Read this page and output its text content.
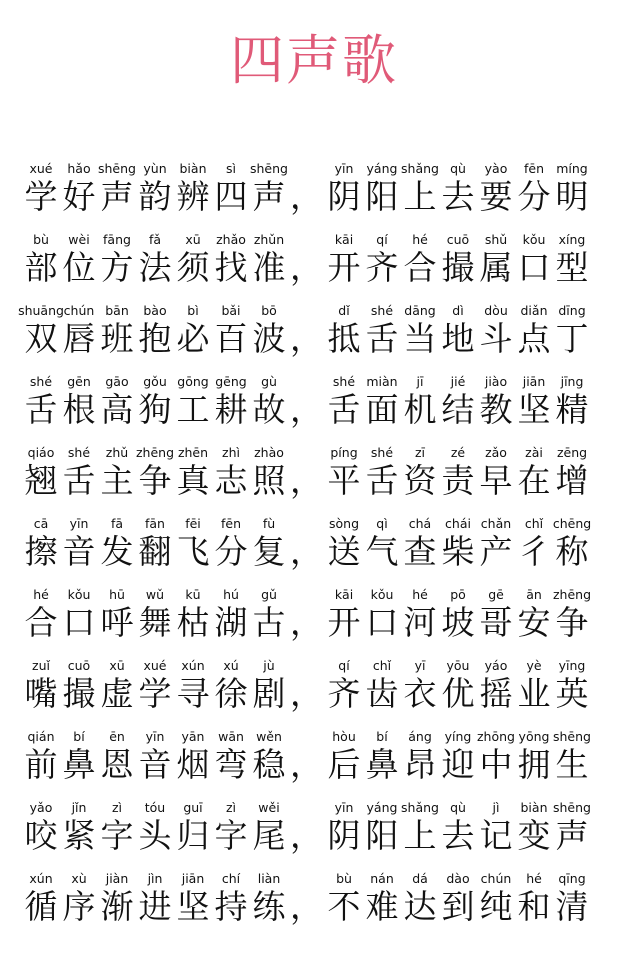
四声歌
xué
学
hǎo
好
shēng
声
yùn
韵
biàn
辨
sì
四
shēng
声
yīn
阴
yáng
阳
shǎng
上
qù
去
yào
要
fēn
分
míng
明
，
bù
部
wèi
位
fāng
方
fǎ
法
xū
须
zhǎo
找
zhǔn
准
kāi
开
qí
齐
hé
合
cuō
撮
shǔ
属
kǒu
口
xíng
型
，
shuāng
双
chún
唇
bān
班
bào
抱
bì
必
bǎi
百
bō
波
dǐ
抵
shé
舌
dāng
当
dì
地
dòu
斗
diǎn
点
dīng
丁
，
shé
舌
gēn
根
gāo
高
gǒu
狗
gōng
工
gēng
耕
gù
故
shé
舌
miàn
面
jī
机
jié
结
jiào
教
jiān
坚
jīng
精
，
qiáo
翘
shé
舌
zhǔ
主
zhēng
争
zhēn
真
zhì
志
zhào
照
píng
平
shé
舌
zī
资
zé
责
zǎo
早
zài
在
zēng
增
，
cā
擦
yīn
音
fā
发
fān
翻
fēi
飞
fēn
分
fù
复
sòng
送
qì
气
chá
查
chái
柴
chǎn
产
chǐ
彳
chēng
称
，
hé
合
kǒu
口
hū
呼
wǔ
舞
kū
枯
hú
湖
gǔ
古
kāi
开
kǒu
口
hé
河
pō
坡
gē
哥
ān
安
zhēng
争
，
zuǐ
嘴
cuō
撮
xū
虚
xué
学
xún
寻
xú
徐
jù
剧
qí
齐
chǐ
齿
yī
衣
yōu
优
yáo
摇
yè
业
yīng
英
，
qián
前
bí
鼻
ēn
恩
yīn
音
yān
烟
wān
弯
wěn
稳
hòu
后
bí
鼻
áng
昂
yíng
迎
zhōng
中
yōng
拥
shēng
生
，
yǎo
咬
jǐn
紧
zì
字
tóu
头
guī
归
zì
字
wěi
尾
yīn
阴
yáng
阳
shǎng
上
qù
去
jì
记
biàn
变
shēng
声
，
xún
循
xù
序
jiàn
渐
jìn
进
jiān
坚
chí
持
liàn
练
bù
不
nán
难
dá
达
dào
到
chún
纯
hé
和
qīng
清
，
